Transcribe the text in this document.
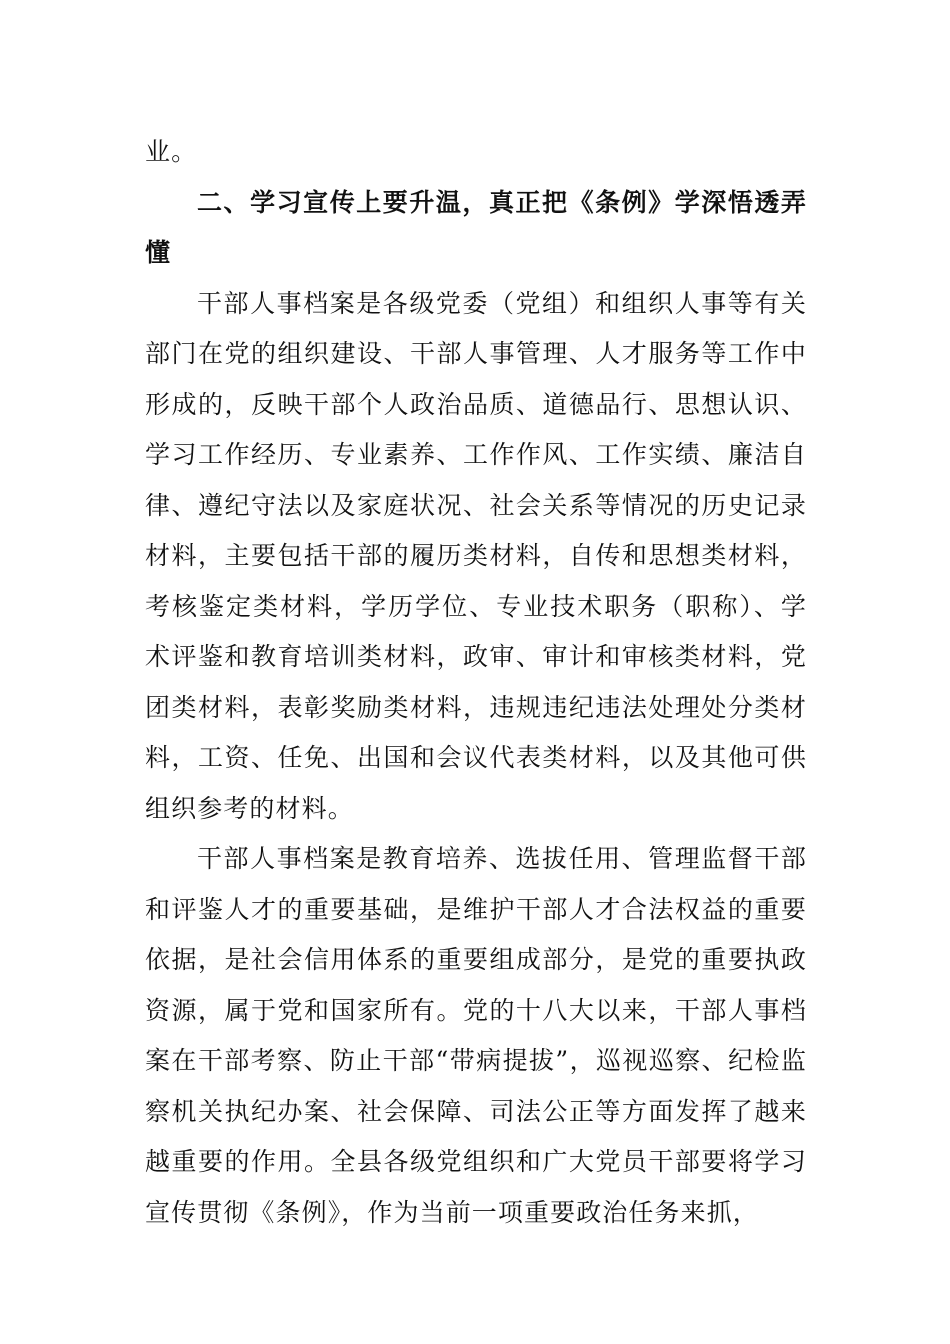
业。

二、学习宣传上要升温，真正把《条例》学深悟透弄懂

干部人事档案是各级党委（党组）和组织人事等有关部门在党的组织建设、干部人事管理、人才服务等工作中形成的，反映干部个人政治品质、道德品行、思想认识、学习工作经历、专业素养、工作作风、工作实绩、廉洁自律、遵纪守法以及家庭状况、社会关系等情况的历史记录材料，主要包括干部的履历类材料，自传和思想类材料，考核鉴定类材料，学历学位、专业技术职务（职称）、学术评鉴和教育培训类材料，政审、审计和审核类材料，党团类材料，表彰奖励类材料，违规违纪违法处理处分类材料，工资、任免、出国和会议代表类材料，以及其他可供组织参考的材料。

干部人事档案是教育培养、选拔任用、管理监督干部和评鉴人才的重要基础，是维护干部人才合法权益的重要依据，是社会信用体系的重要组成部分，是党的重要执政资源，属于党和国家所有。党的十八大以来，干部人事档案在干部考察、防止干部“带病提拔”，巡视巡察、纪检监察机关执纪办案、社会保障、司法公正等方面发挥了越来越重要的作用。全县各级党组织和广大党员干部要将学习宣传贯彻《条例》，作为当前一项重要政治任务来抓，
